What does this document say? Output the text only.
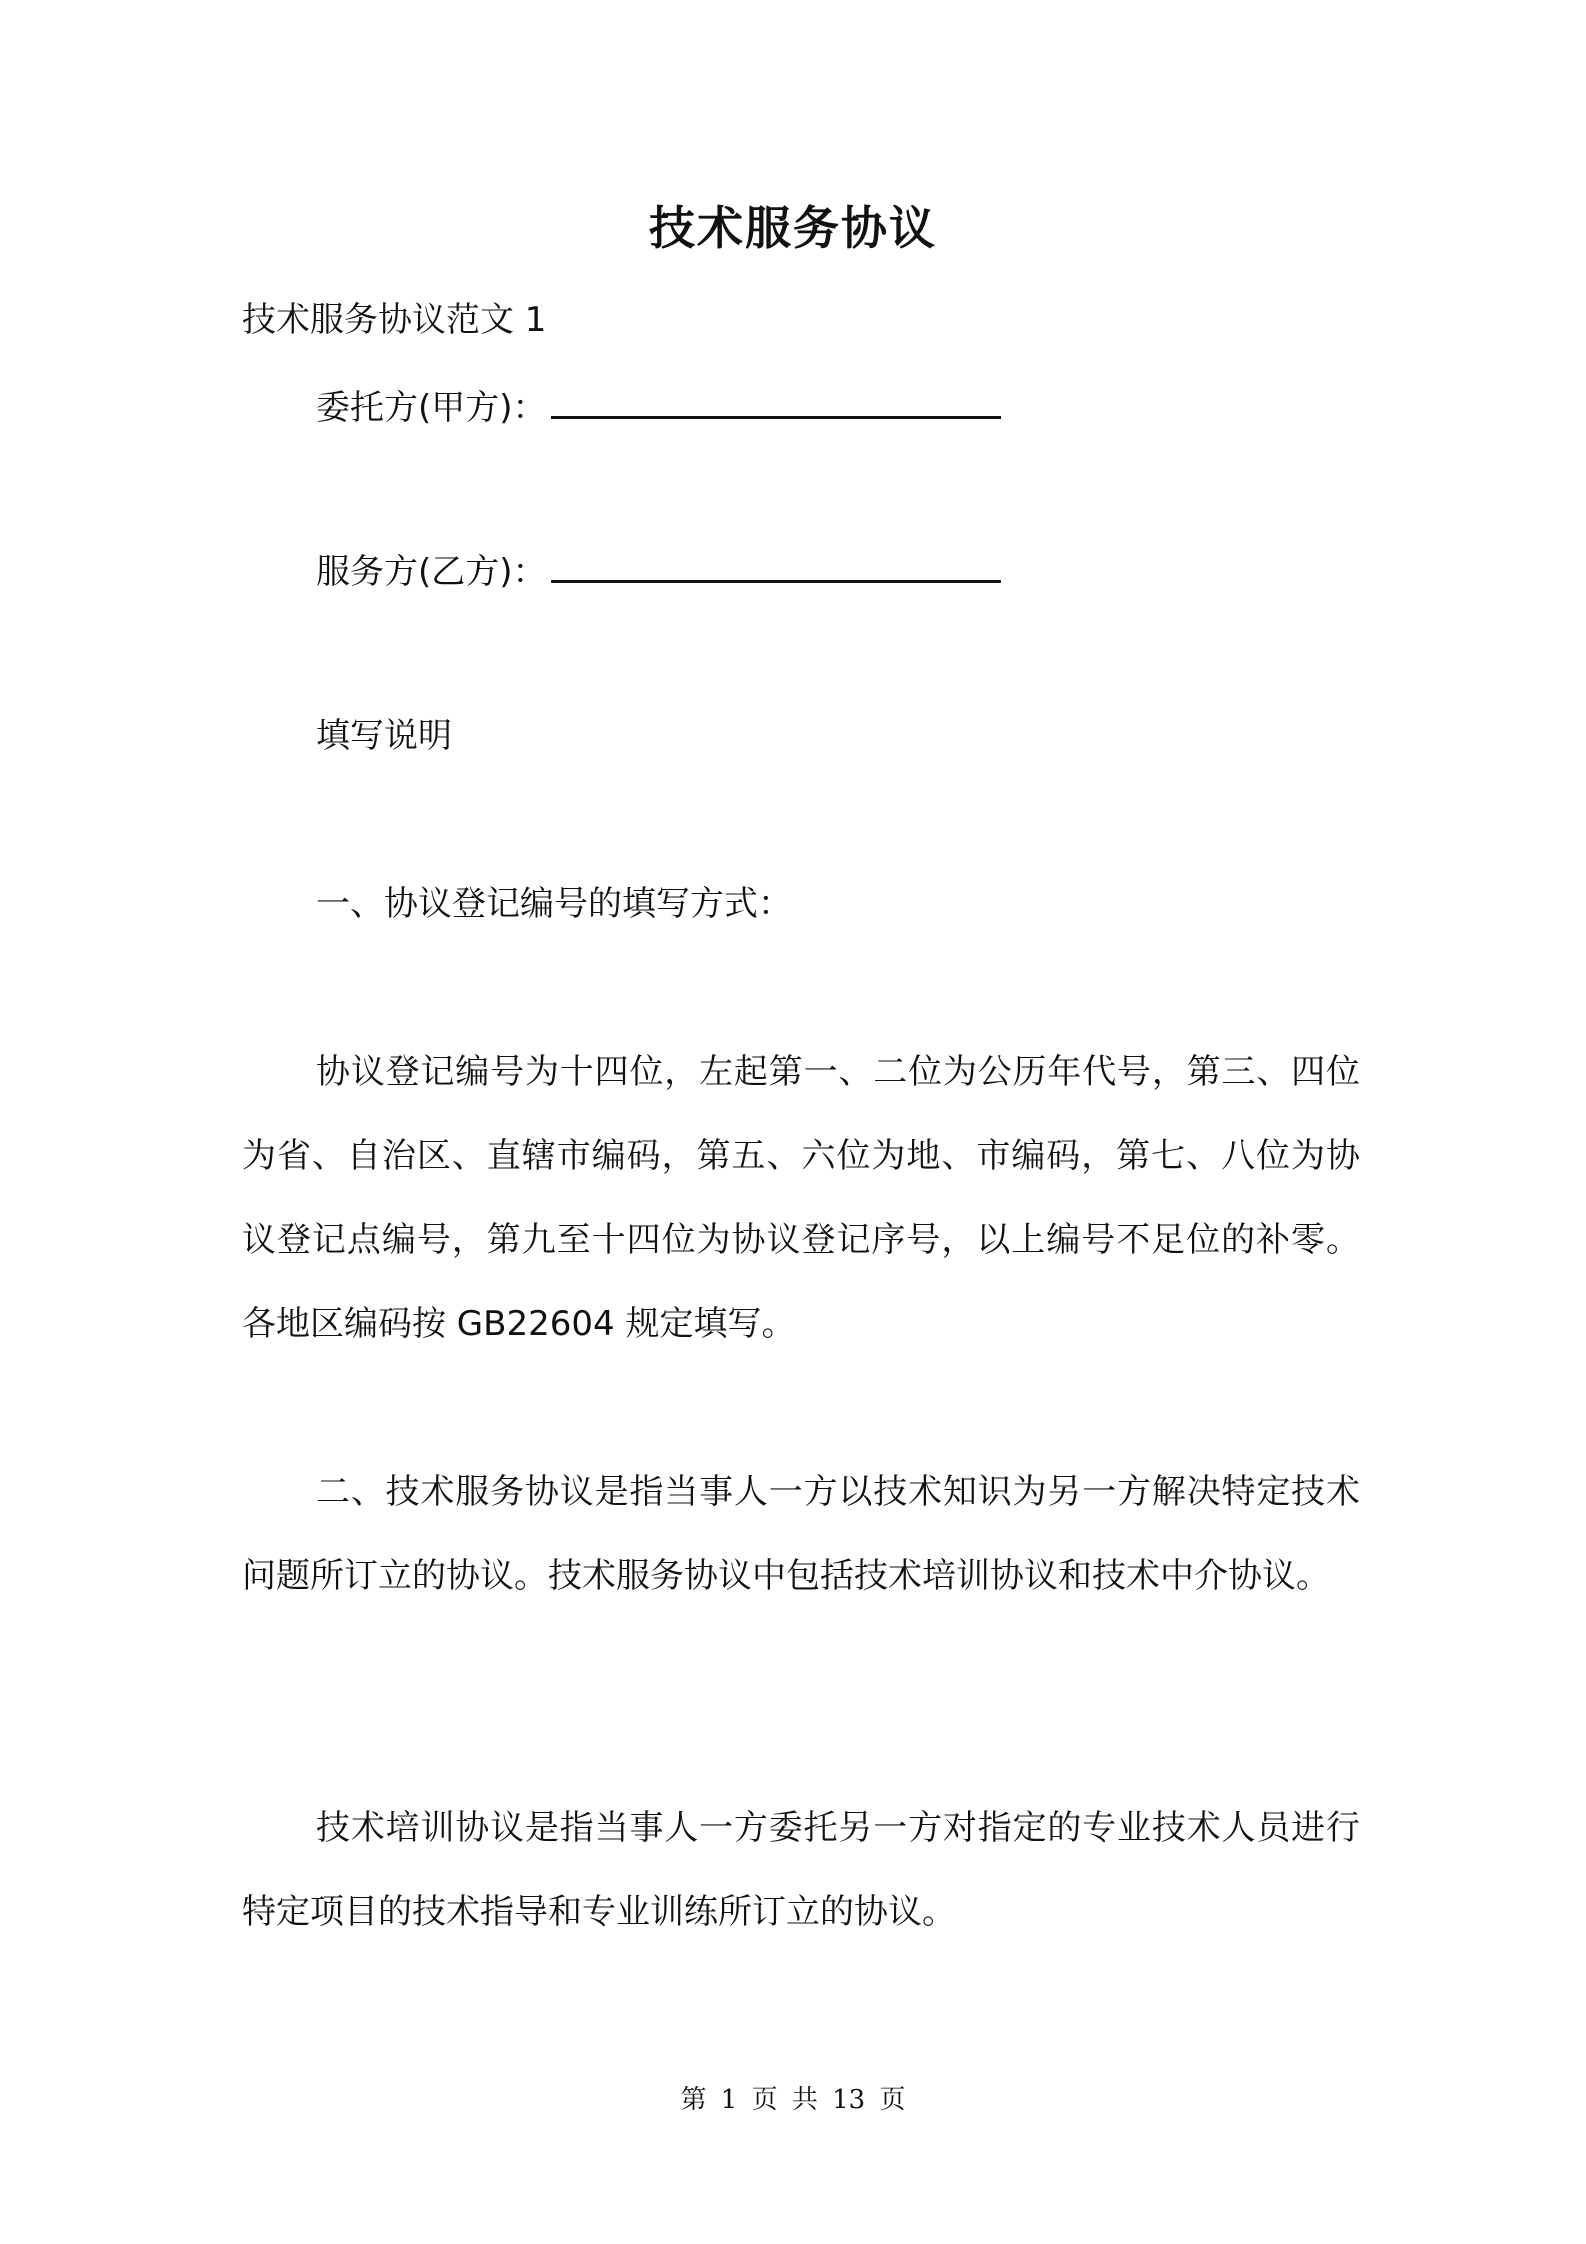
技术服务协议
技术服务协议范文 1
委托方(甲方)：
服务方(乙方)：
填写说明
一、协议登记编号的填写方式：
协议登记编号为十四位，左起第一、二位为公历年代号，第三、四位为省、自治区、直辖市编码，第五、六位为地、市编码，第七、八位为协议登记点编号，第九至十四位为协议登记序号，以上编号不足位的补零。各地区编码按 GB22604 规定填写。
二、技术服务协议是指当事人一方以技术知识为另一方解决特定技术问题所订立的协议。技术服务协议中包括技术培训协议和技术中介协议。
技术培训协议是指当事人一方委托另一方对指定的专业技术人员进行特定项目的技术指导和专业训练所订立的协议。
第 1 页 共 13 页
